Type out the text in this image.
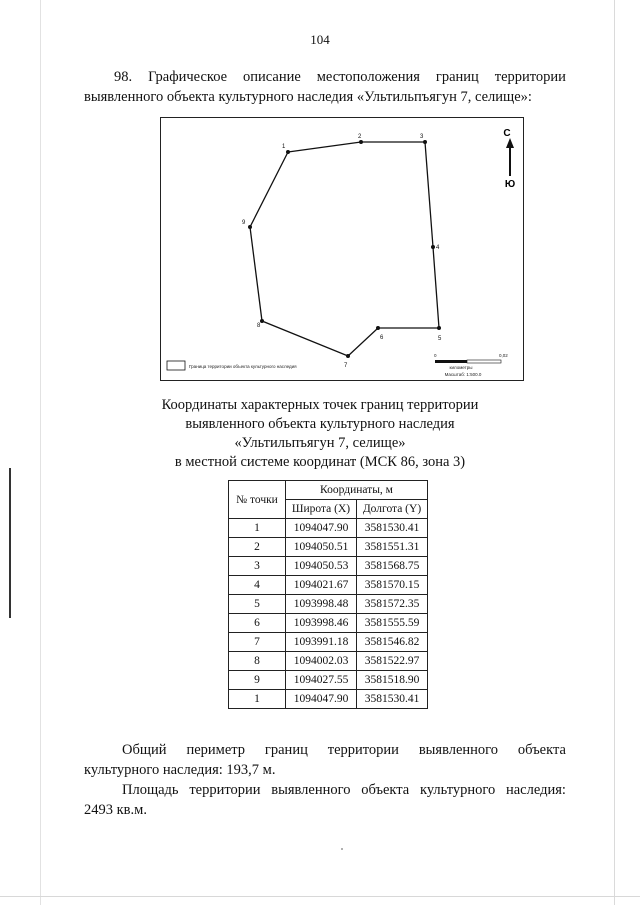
104
98. Графическое описание местоположения границ территории
выявленного объекта культурного наследия «Ультильпъягун 7, селище»:
1
2	3
4
5
6
7
8
9
С
Ю
Граница территории объекта культурного наследия
0	0,02
километры
Масштаб: 1:500.0
Координаты характерных точек границ территории
выявленного объекта культурного наследия
«Ультильпъягун 7, селище»
в местной системе координат (МСК 86, зона 3)
№ точки	Координаты, м	
	Широта (X)	Долгота (Y)
1	1094047.90	3581530.41
2	1094050.51	3581551.31
3	1094050.53	3581568.75
4	1094021.67	3581570.15
5	1093998.48	3581572.35
6	1093998.46	3581555.59
7	1093991.18	3581546.82
8	1094002.03	3581522.97
9	1094027.55	3581518.90
1	1094047.90	3581530.41
Общий периметр границ территории выявленного объекта
культурного наследия: 193,7 м.
Площадь территории выявленного объекта культурного наследия:
2493 кв.м.
